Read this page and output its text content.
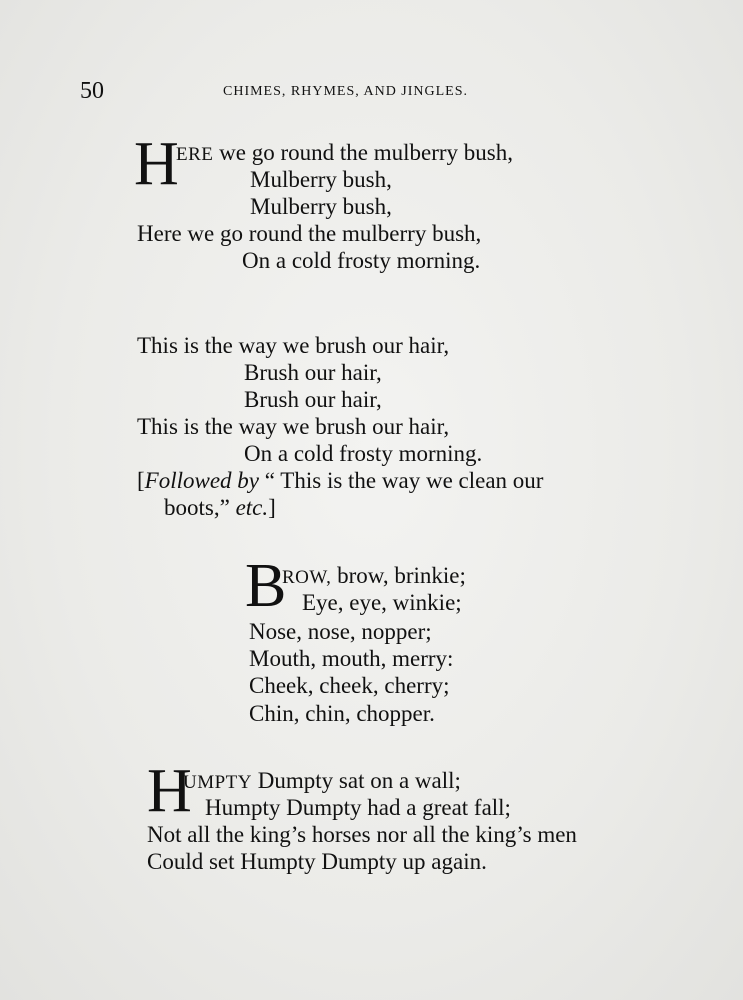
50	CHIMES, RHYMES, AND JINGLES.
H
ERE we go round the mulberry bush,
Mulberry bush,
Mulberry bush,
Here we go round the mulberry bush,
On a cold frosty morning.
This is the way we brush our hair,
Brush our hair,
Brush our hair,
This is the way we brush our hair,
On a cold frosty morning.
[Followed by “ This is the way we clean our
boots,” etc.]
B
ROW, brow, brinkie;
Eye, eye, winkie;
Nose, nose, nopper;
Mouth, mouth, merry:
Cheek, cheek, cherry;
Chin, chin, chopper.
H
UMPTY Dumpty sat on a wall;
Humpty Dumpty had a great fall;
Not all the king’s horses nor all the king’s men
Could set Humpty Dumpty up again.
